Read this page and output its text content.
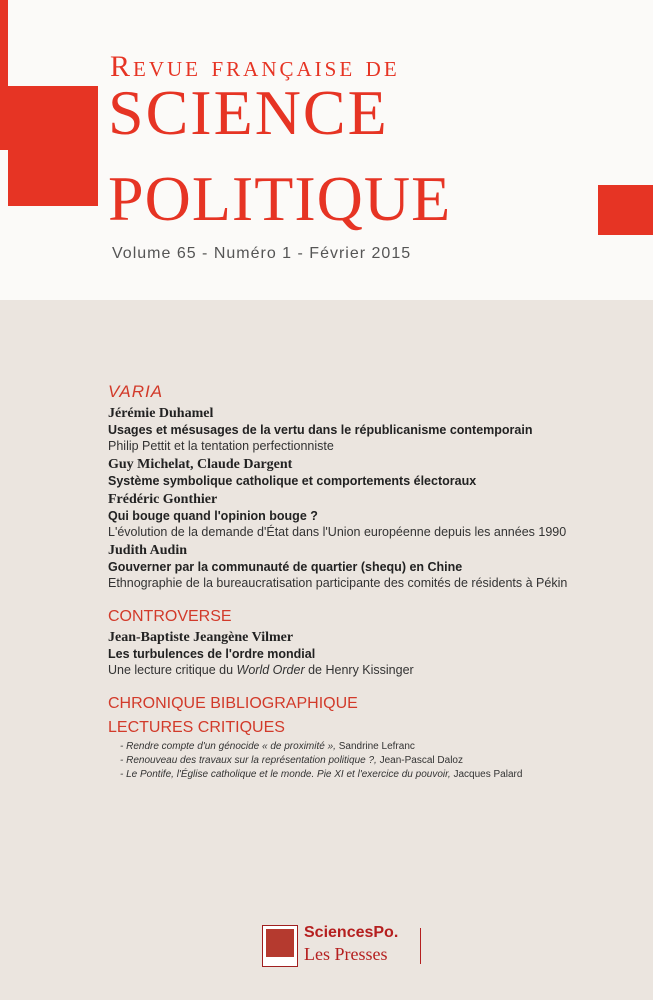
Revue française de
SCIENCE
POLITIQUE
Volume 65 - Numéro 1 - Février 2015
VARIA
Jérémie Duhamel
Usages et mésusages de la vertu dans le républicanisme contemporain
Philip Pettit et la tentation perfectionniste
Guy Michelat, Claude Dargent
Système symbolique catholique et comportements électoraux
Frédéric Gonthier
Qui bouge quand l'opinion bouge ?
L'évolution de la demande d'État dans l'Union européenne depuis les années 1990
Judith Audin
Gouverner par la communauté de quartier (shequ) en Chine
Ethnographie de la bureaucratisation participante des comités de résidents à Pékin
CONTROVERSE
Jean-Baptiste Jeangène Vilmer
Les turbulences de l'ordre mondial
Une lecture critique du World Order de Henry Kissinger
CHRONIQUE BIBLIOGRAPHIQUE
LECTURES CRITIQUES
- Rendre compte d'un génocide « de proximité », Sandrine Lefranc
- Renouveau des travaux sur la représentation politique ?, Jean-Pascal Daloz
- Le Pontife, l'Église catholique et le monde. Pie XI et l'exercice du pouvoir, Jacques Palard
SciencesPo.
Les Presses
